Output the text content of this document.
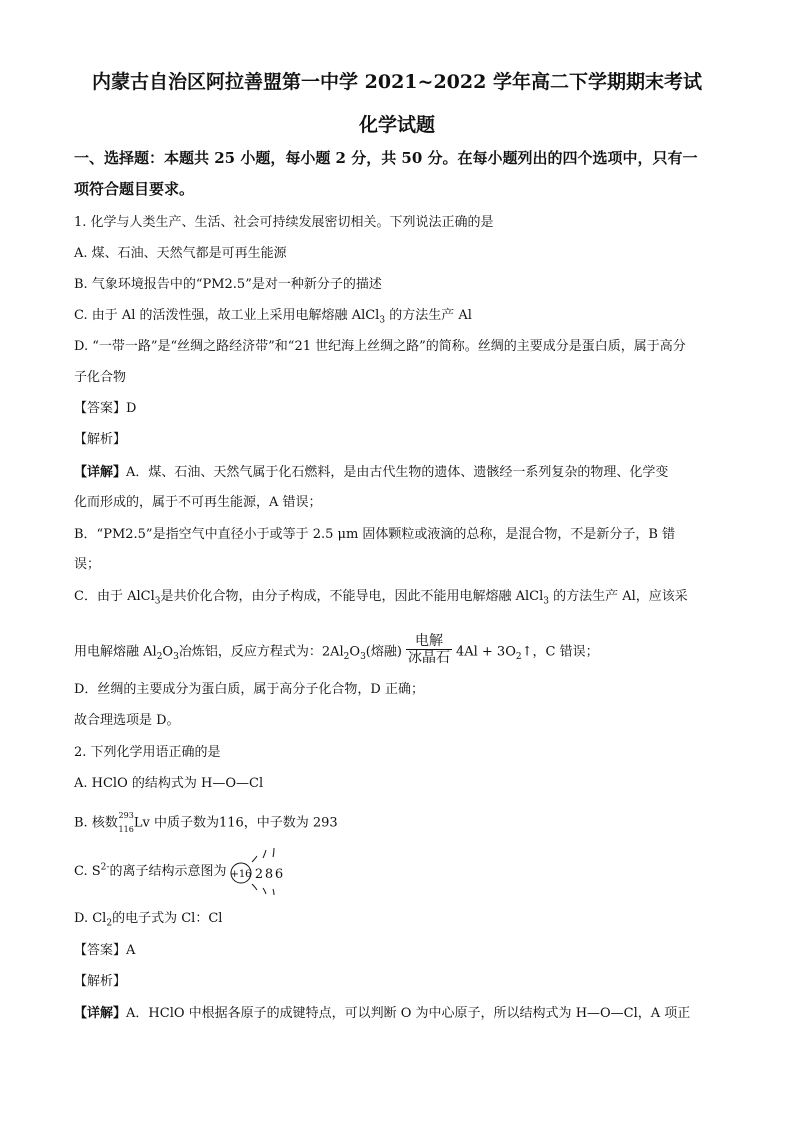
内蒙古自治区阿拉善盟第一中学 2021~2022 学年高二下学期期末考试
化学试题
一、选择题：本题共 25 小题，每小题 2 分，共 50 分。在每小题列出的四个选项中，只有一
项符合题目要求。
1. 化学与人类生产、生活、社会可持续发展密切相关。下列说法正确的是
A. 煤、石油、天然气都是可再生能源
B. 气象环境报告中的“PM2.5”是对一种新分子的描述
C. 由于 Al 的活泼性强，故工业上采用电解熔融 AlCl$_3$ 的方法生产 Al
D. “一带一路”是“丝绸之路经济带”和“21 世纪海上丝绸之路”的简称。丝绸的主要成分是蛋白质，属于高分
子化合物
【答案】D
【解析】
【详解】A．煤、石油、天然气属于化石燃料，是由古代生物的遗体、遗骸经一系列复杂的物理、化学变
化而形成的，属于不可再生能源，A 错误；
B．“PM2.5”是指空气中直径小于或等于 2.5 μm 固体颗粒或液滴的总称，是混合物，不是新分子，B 错
误；
C．由于 AlCl$_3$是共价化合物，由分子构成，不能导电，因此不能用电解熔融 AlCl$_3$ 的方法生产 Al，应该采
用电解熔融 $Al_2O_3$冶炼铝，反应方程式为：$2Al_2O_3$(熔融)
电解
冰晶石 $4Al + 3O_2↑$，C 错误；
D．丝绸的主要成分为蛋白质，属于高分子化合物，D 正确；
故合理选项是 D。
2. 下列化学用语正确的是
A. HClO 的结构式为 H—O—Cl
B. 核数 293
116 Lv 中质子数为116，中子数为 293
C. $S^{2-}$的离子结构示意图为 +16 2 8 6
D. $Cl_2$的电子式为 Cl：Cl
【答案】A
【解析】
【详解】A．HClO 中根据各原子的成键特点，可以判断 O 为中心原子，所以结构式为 H—O—Cl，A 项正
